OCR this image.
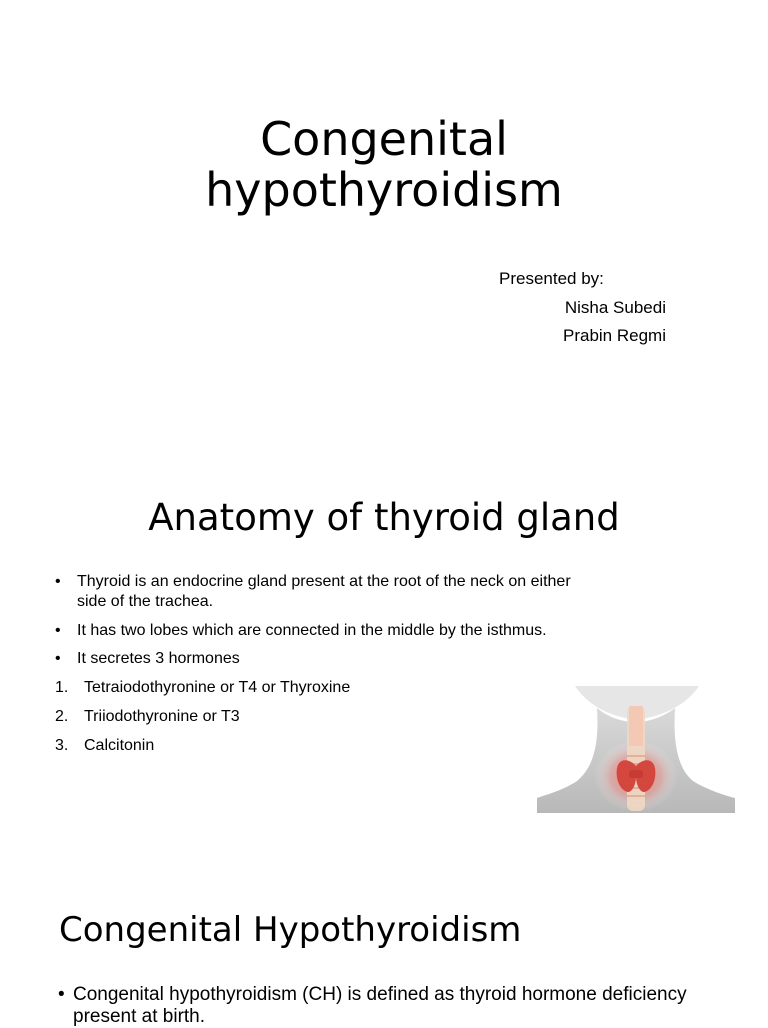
Congenital
hypothyroidism
Presented by:
Nisha Subedi
Prabin Regmi
Anatomy of thyroid gland
• Thyroid is an endocrine gland present at the root of the neck on either side of the trachea.
• It has two lobes which are connected in the middle by the isthmus.
• It secretes 3 hormones
1. Tetraiodothyronine or T4 or Thyroxine
2. Triiodothyronine or T3
3. Calcitonin
Congenital Hypothyroidism
• Congenital hypothyroidism (CH) is defined as thyroid hormone deficiency present at birth.
